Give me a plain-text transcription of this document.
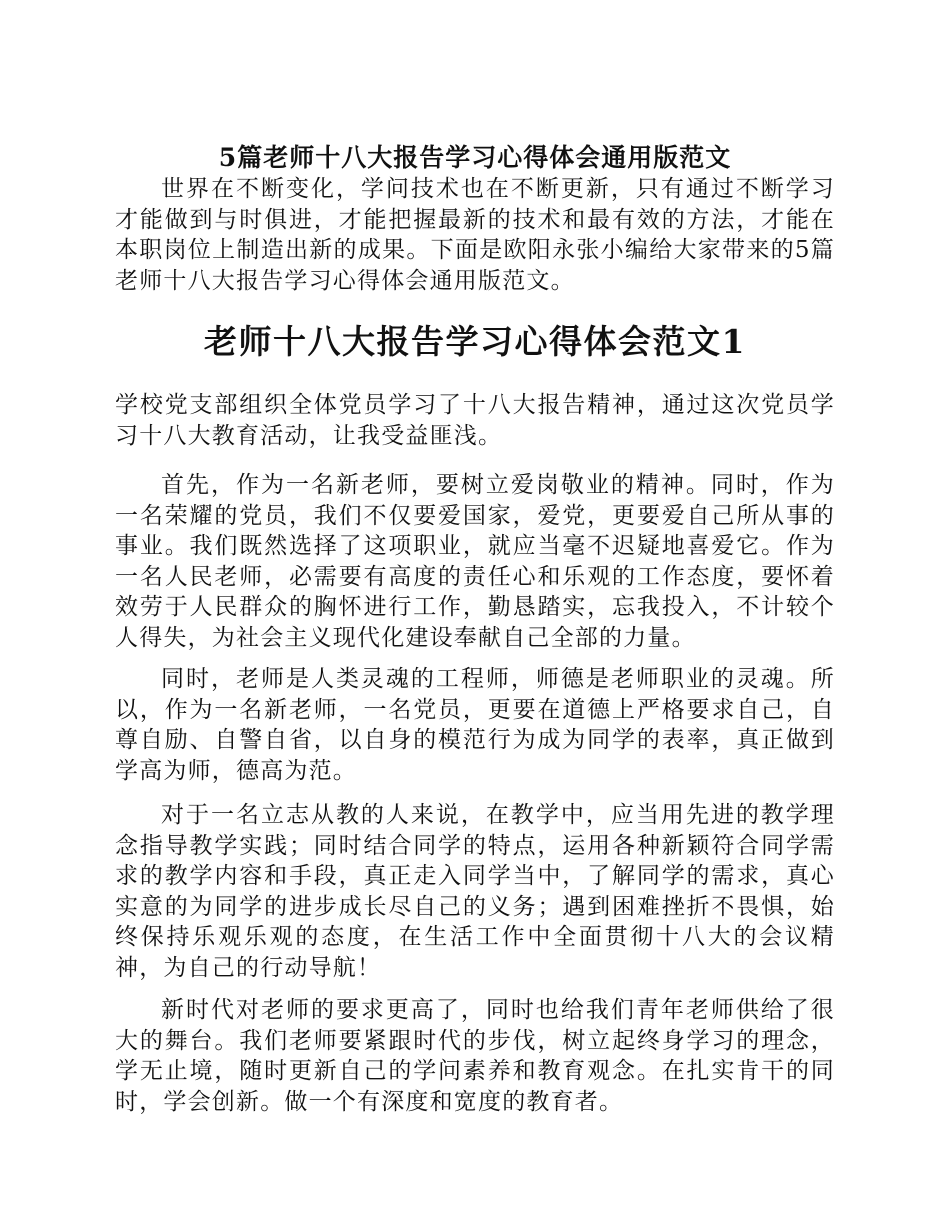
5篇老师十八大报告学习心得体会通用版范文

世界在不断变化，学问技术也在不断更新，只有通过不断学习才能做到与时俱进，才能把握最新的技术和最有效的方法，才能在本职岗位上制造出新的成果。下面是欧阳永张小编给大家带来的5篇老师十八大报告学习心得体会通用版范文。

老师十八大报告学习心得体会范文1

学校党支部组织全体党员学习了十八大报告精神，通过这次党员学习十八大教育活动，让我受益匪浅。

首先，作为一名新老师，要树立爱岗敬业的精神。同时，作为一名荣耀的党员，我们不仅要爱国家，爱党，更要爱自己所从事的事业。我们既然选择了这项职业，就应当毫不迟疑地喜爱它。作为一名人民老师，必需要有高度的责任心和乐观的工作态度，要怀着效劳于人民群众的胸怀进行工作，勤恳踏实，忘我投入，不计较个人得失，为社会主义现代化建设奉献自己全部的力量。

同时，老师是人类灵魂的工程师，师德是老师职业的灵魂。所以，作为一名新老师，一名党员，更要在道德上严格要求自己，自尊自励、自警自省，以自身的模范行为成为同学的表率，真正做到学高为师，德高为范。

对于一名立志从教的人来说，在教学中，应当用先进的教学理念指导教学实践；同时结合同学的特点，运用各种新颖符合同学需求的教学内容和手段，真正走入同学当中，了解同学的需求，真心实意的为同学的进步成长尽自己的义务；遇到困难挫折不畏惧，始终保持乐观乐观的态度，在生活工作中全面贯彻十八大的会议精神，为自己的行动导航！

新时代对老师的要求更高了，同时也给我们青年老师供给了很大的舞台。我们老师要紧跟时代的步伐，树立起终身学习的理念，学无止境，随时更新自己的学问素养和教育观念。在扎实肯干的同时，学会创新。做一个有深度和宽度的教育者。
